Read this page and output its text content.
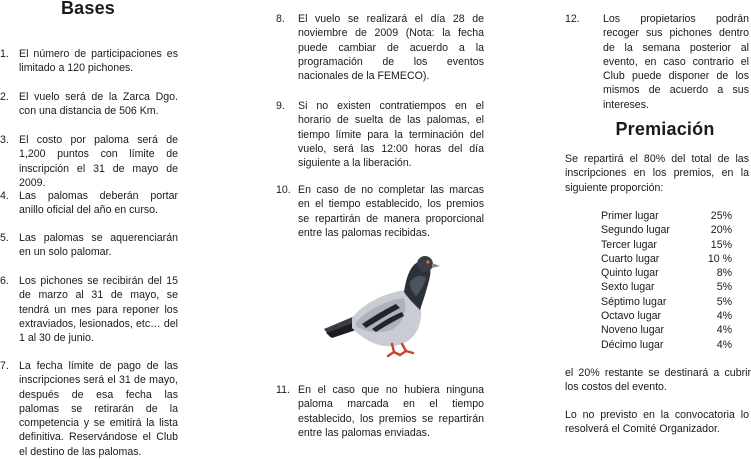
Bases
1. El número de participaciones es limitado a 120 pichones.
2. El vuelo será de la Zarca Dgo. con una distancia de 506 Km.
3. El costo por paloma será de 1,200 puntos con límite de inscripción el 31 de mayo de 2009.
4. Las palomas deberán portar anillo oficial del año en curso.
5. Las palomas se aquerenciarán en un solo palomar.
6. Los pichones se recibirán del 15 de marzo al 31 de mayo, se tendrá un mes para reponer los extraviados, lesionados, etc… del 1 al 30 de junio.
7. La fecha límite de pago de las inscripciones será el 31 de mayo, después de esa fecha las palomas se retirarán de la competencia y se emitirá la lista definitiva. Reservándose el Club el destino de las palomas.
8.	El vuelo se realizará el día 28 de noviembre de 2009 (Nota: la fecha puede cambiar de acuerdo a la programación de los eventos nacionales de la FEMECO).
9.	Si no existen contratiempos en el horario de suelta de las palomas, el tiempo límite para la terminación del vuelo, será las 12:00 horas del día siguiente a la liberación.
10. En caso de no completar las marcas en el tiempo establecido, los premios se repartirán de manera proporcional entre las palomas recibidas.
11. En el caso que no hubiera ninguna paloma marcada en el tiempo establecido, los premios se repartirán entre las palomas enviadas.
12.	Los propietarios podrán recoger sus pichones dentro de la semana posterior al evento, en caso contrario el Club puede disponer de los mismos de acuerdo a sus intereses.
Premiación
Se repartirá el 80% del total de las inscripciones en los premios, en la siguiente proporción:
Primer lugar	25%
Segundo lugar	20%
Tercer lugar	15%
Cuarto lugar	10 %
Quinto lugar	8%
Sexto lugar	5%
Séptimo lugar	5%
Octavo lugar	4%
Noveno lugar	4%
Décimo lugar	4%
el 20% restante se destinará a cubrir los costos del evento.
Lo no previsto en la convocatoria lo resolverá el Comité Organizador.
